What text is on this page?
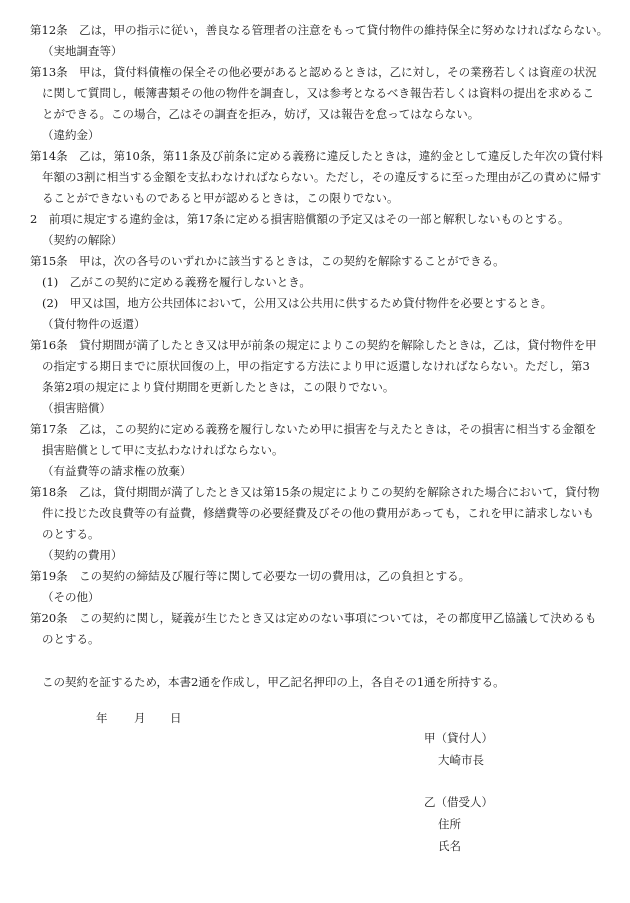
第12条　乙は，甲の指示に従い，善良なる管理者の注意をもって貸付物件の維持保全に努めなければならない。
（実地調査等）
第13条　甲は，貸付料債権の保全その他必要があると認めるときは，乙に対し，その業務若しくは資産の状況
に関して質問し，帳簿書類その他の物件を調査し，又は参考となるべき報告若しくは資料の提出を求めるこ
とができる。この場合，乙はその調査を拒み，妨げ，又は報告を怠ってはならない。
（違約金）
第14条　乙は，第10条，第11条及び前条に定める義務に違反したときは，違約金として違反した年次の貸付料
年額の3割に相当する金額を支払わなければならない。ただし，その違反するに至った理由が乙の責めに帰す
ることができないものであると甲が認めるときは，この限りでない。
2　前項に規定する違約金は，第17条に定める損害賠償額の予定又はその一部と解釈しないものとする。
（契約の解除）
第15条　甲は，次の各号のいずれかに該当するときは，この契約を解除することができる。
(1)　乙がこの契約に定める義務を履行しないとき。
(2)　甲又は国，地方公共団体において，公用又は公共用に供するため貸付物件を必要とするとき。
（貸付物件の返還）
第16条　貸付期間が満了したとき又は甲が前条の規定によりこの契約を解除したときは，乙は，貸付物件を甲
の指定する期日までに原状回復の上，甲の指定する方法により甲に返還しなければならない。ただし，第3
条第2項の規定により貸付期間を更新したときは，この限りでない。
（損害賠償）
第17条　乙は，この契約に定める義務を履行しないため甲に損害を与えたときは，その損害に相当する金額を
損害賠償として甲に支払わなければならない。
（有益費等の請求権の放棄）
第18条　乙は，貸付期間が満了したとき又は第15条の規定によりこの契約を解除された場合において，貸付物
件に投じた改良費等の有益費，修繕費等の必要経費及びその他の費用があっても，これを甲に請求しないも
のとする。
（契約の費用）
第19条　この契約の締結及び履行等に関して必要な一切の費用は，乙の負担とする。
（その他）
第20条　この契約に関し，疑義が生じたとき又は定めのない事項については，その都度甲乙協議して決めるも
のとする。
この契約を証するため，本書2通を作成し，甲乙記名押印の上，各自その1通を所持する。
年 月 日
甲（貸付人）
大崎市長
乙（借受人）
住所
氏名
